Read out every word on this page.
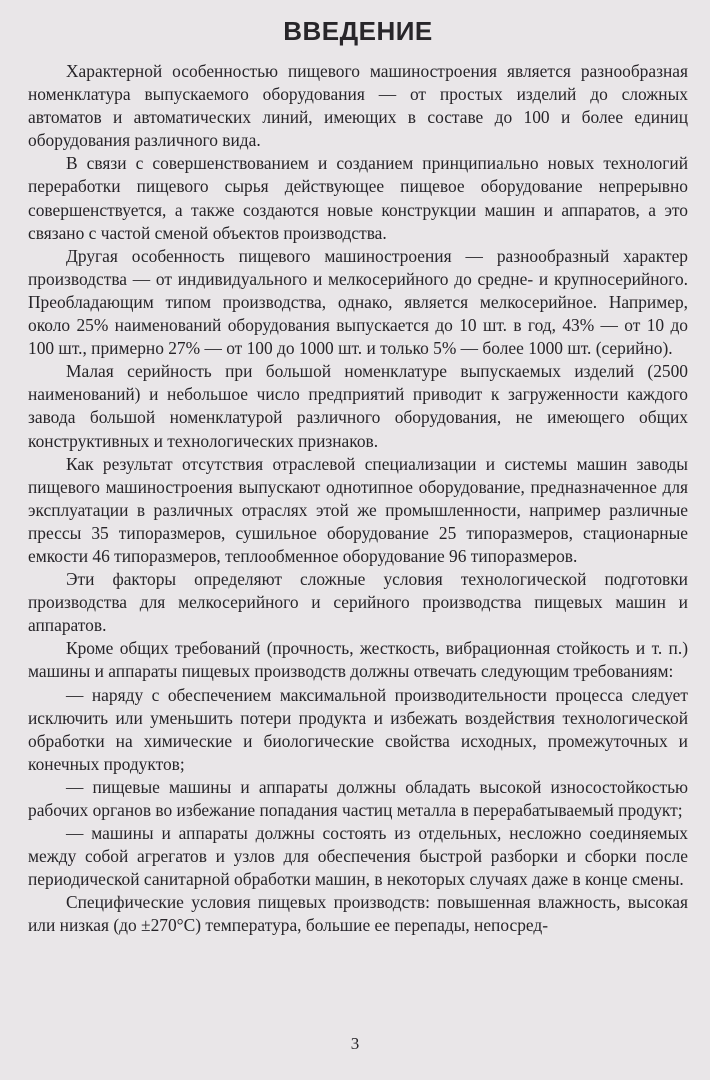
ВВЕДЕНИЕ

Характерной особенностью пищевого машиностроения является разнообразная номенклатура выпускаемого оборудования — от простых изделий до сложных автоматов и автоматических линий, имеющих в составе до 100 и более единиц оборудования различного вида.

В связи с совершенствованием и созданием принципиально новых технологий переработки пищевого сырья действующее пищевое оборудование непрерывно совершенствуется, а также создаются новые конструкции машин и аппаратов, а это связано с частой сменой объектов производства.

Другая особенность пищевого машиностроения — разнообразный характер производства — от индивидуального и мелкосерийного до средне- и крупносерийного. Преобладающим типом производства, однако, является мелкосерийное. Например, около 25% наименований оборудования выпускается до 10 шт. в год, 43% — от 10 до 100 шт., примерно 27% — от 100 до 1000 шт. и только 5% — более 1000 шт. (серийно).

Малая серийность при большой номенклатуре выпускаемых изделий (2500 наименований) и небольшое число предприятий приводит к загруженности каждого завода большой номенклатурой различного оборудования, не имеющего общих конструктивных и технологических признаков.

Как результат отсутствия отраслевой специализации и системы машин заводы пищевого машиностроения выпускают однотипное оборудование, предназначенное для эксплуатации в различных отраслях этой же промышленности, например различные прессы 35 типоразмеров, сушильное оборудование 25 типоразмеров, стационарные емкости 46 типоразмеров, теплообменное оборудование 96 типоразмеров.

Эти факторы определяют сложные условия технологической подготовки производства для мелкосерийного и серийного производства пищевых машин и аппаратов.

Кроме общих требований (прочность, жесткость, вибрационная стойкость и т. п.) машины и аппараты пищевых производств должны отвечать следующим требованиям:

— наряду с обеспечением максимальной производительности процесса следует исключить или уменьшить потери продукта и избежать воздействия технологической обработки на химические и биологические свойства исходных, промежуточных и конечных продуктов;

— пищевые машины и аппараты должны обладать высокой износостойкостью рабочих органов во избежание попадания частиц металла в перерабатываемый продукт;

— машины и аппараты должны состоять из отдельных, несложно соединяемых между собой агрегатов и узлов для обеспечения быстрой разборки и сборки после периодической санитарной обработки машин, в некоторых случаях даже в конце смены.

Специфические условия пищевых производств: повышенная влажность, высокая или низкая (до ±270°С) температура, большие ее перепады, непосред-

3
